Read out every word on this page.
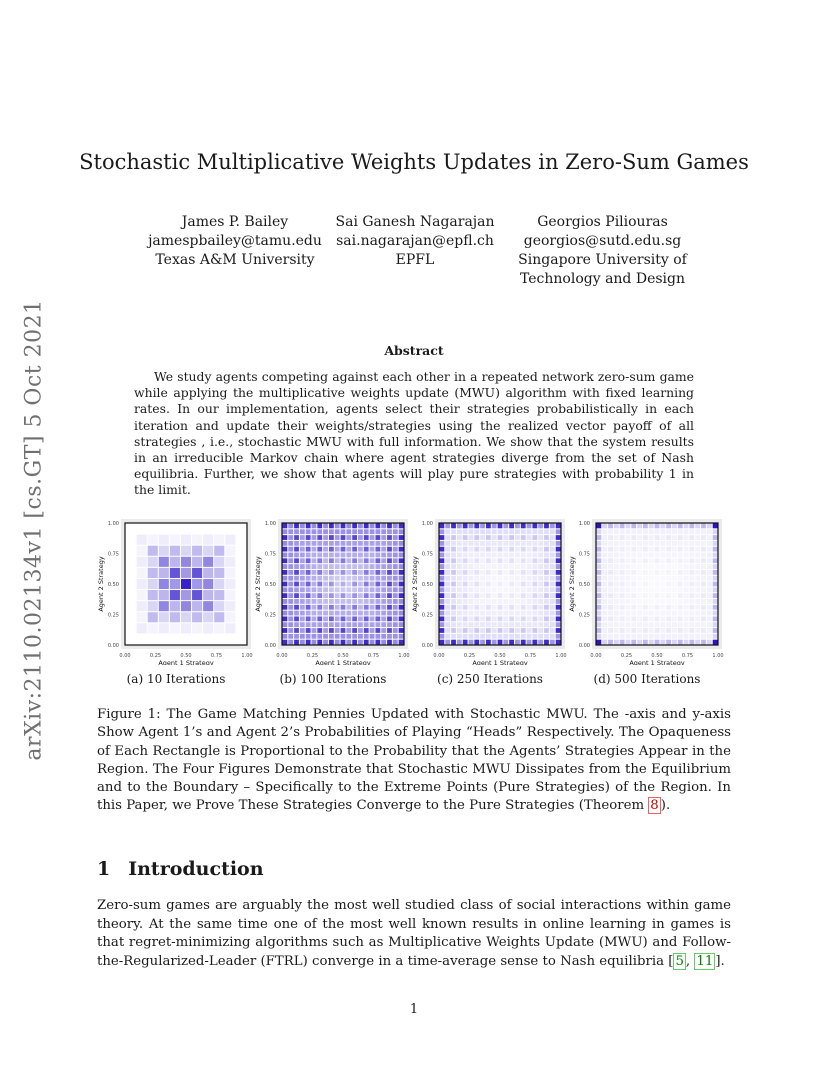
arXiv:2110.02134v1 [cs.GT] 5 Oct 2021
Stochastic Multiplicative Weights Updates in Zero-Sum Games
James P. Bailey
jamespbailey@tamu.edu
Texas A&M University
Sai Ganesh Nagarajan
sai.nagarajan@epfl.ch
EPFL
Georgios Piliouras
georgios@sutd.edu.sg
Singapore University of Technology and Design
Abstract
We study agents competing against each other in a repeated network zero-sum game while applying the multiplicative weights update (MWU) algorithm with fixed learning rates. In our implementation, agents select their strategies probabilistically in each iteration and update their weights/strategies using the realized vector payoff of all strategies , i.e., stochastic MWU with full information. We show that the system results in an irreducible Markov chain where agent strategies diverge from the set of Nash equilibria. Further, we show that agents will play pure strategies with probability 1 in the limit.
0.00	0.25	0.50	0.75	1.00
0.00
0.25
0.50
0.75
1.00
Agent 1 Strategy
Agent 2 Strategy
0.00	0.25	0.50	0.75	1.00
0.00
0.25
0.50
0.75
1.00
Agent 1 Strategy
Agent 2 Strategy
0.00	0.25	0.50	0.75	1.00
0.00
0.25
0.50
0.75
1.00
Agent 1 Strategy
Agent 2 Strategy
0.00	0.25	0.50	0.75	1.00
0.00
0.25
0.50
0.75
1.00
Agent 1 Strategy
Agent 2 Strategy
(a) 10 Iterations	(b) 100 Iterations	(c) 250 Iterations	(d) 500 Iterations
Figure 1: The Game Matching Pennies Updated with Stochastic MWU. The -axis and y-axis Show Agent 1’s and Agent 2’s Probabilities of Playing “Heads” Respectively. The Opaqueness of Each Rectangle is Proportional to the Probability that the Agents’ Strategies Appear in the Region. The Four Figures Demonstrate that Stochastic MWU Dissipates from the Equilibrium and to the Boundary – Specifically to the Extreme Points (Pure Strategies) of the Region. In this Paper, we Prove These Strategies Converge to the Pure Strategies (Theorem 8 ).
1 Introduction
Zero-sum games are arguably the most well studied class of social interactions within game theory. At the same time one of the most well known results in online learning in games is that regret-minimizing algorithms such as Multiplicative Weights Update (MWU) and Follow-the-Regularized-Leader (FTRL) converge in a time-average sense to Nash equilibria [ 5 , 11 ].
1
